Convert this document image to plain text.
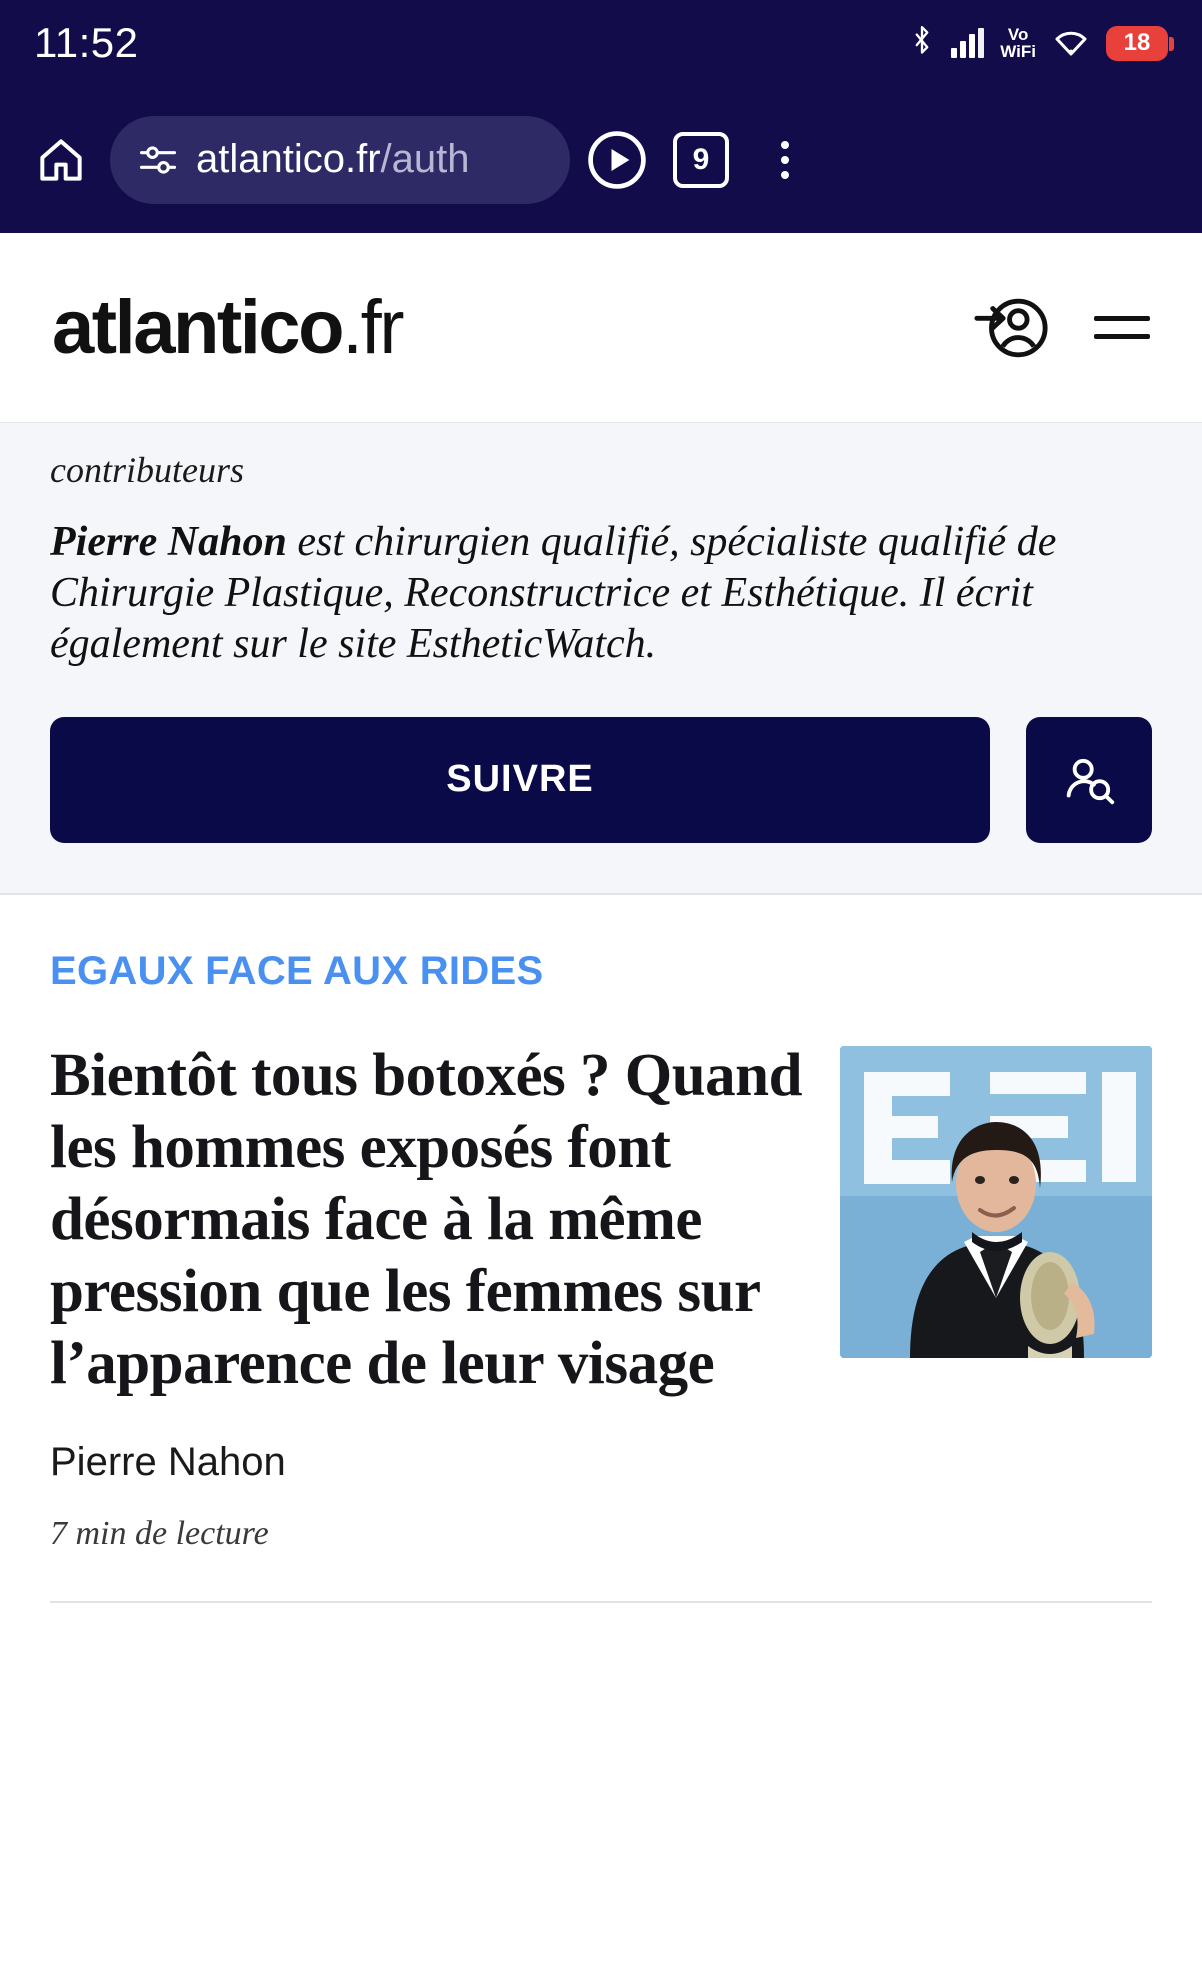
11:52	Vo
WiFi	18
atlantico.fr/auth	9
atlantico.fr
contributeurs
Pierre Nahon est chirurgien qualifié, spécialiste qualifié de Chirurgie Plastique, Reconstructrice et Esthétique. Il écrit également sur le site EstheticWatch.
SUIVRE
EGAUX FACE AUX RIDES
Bientôt tous botoxés ? Quand les hommes exposés font désormais face à la même pression que les femmes sur l’apparence de leur visage
Pierre Nahon
7 min de lecture
